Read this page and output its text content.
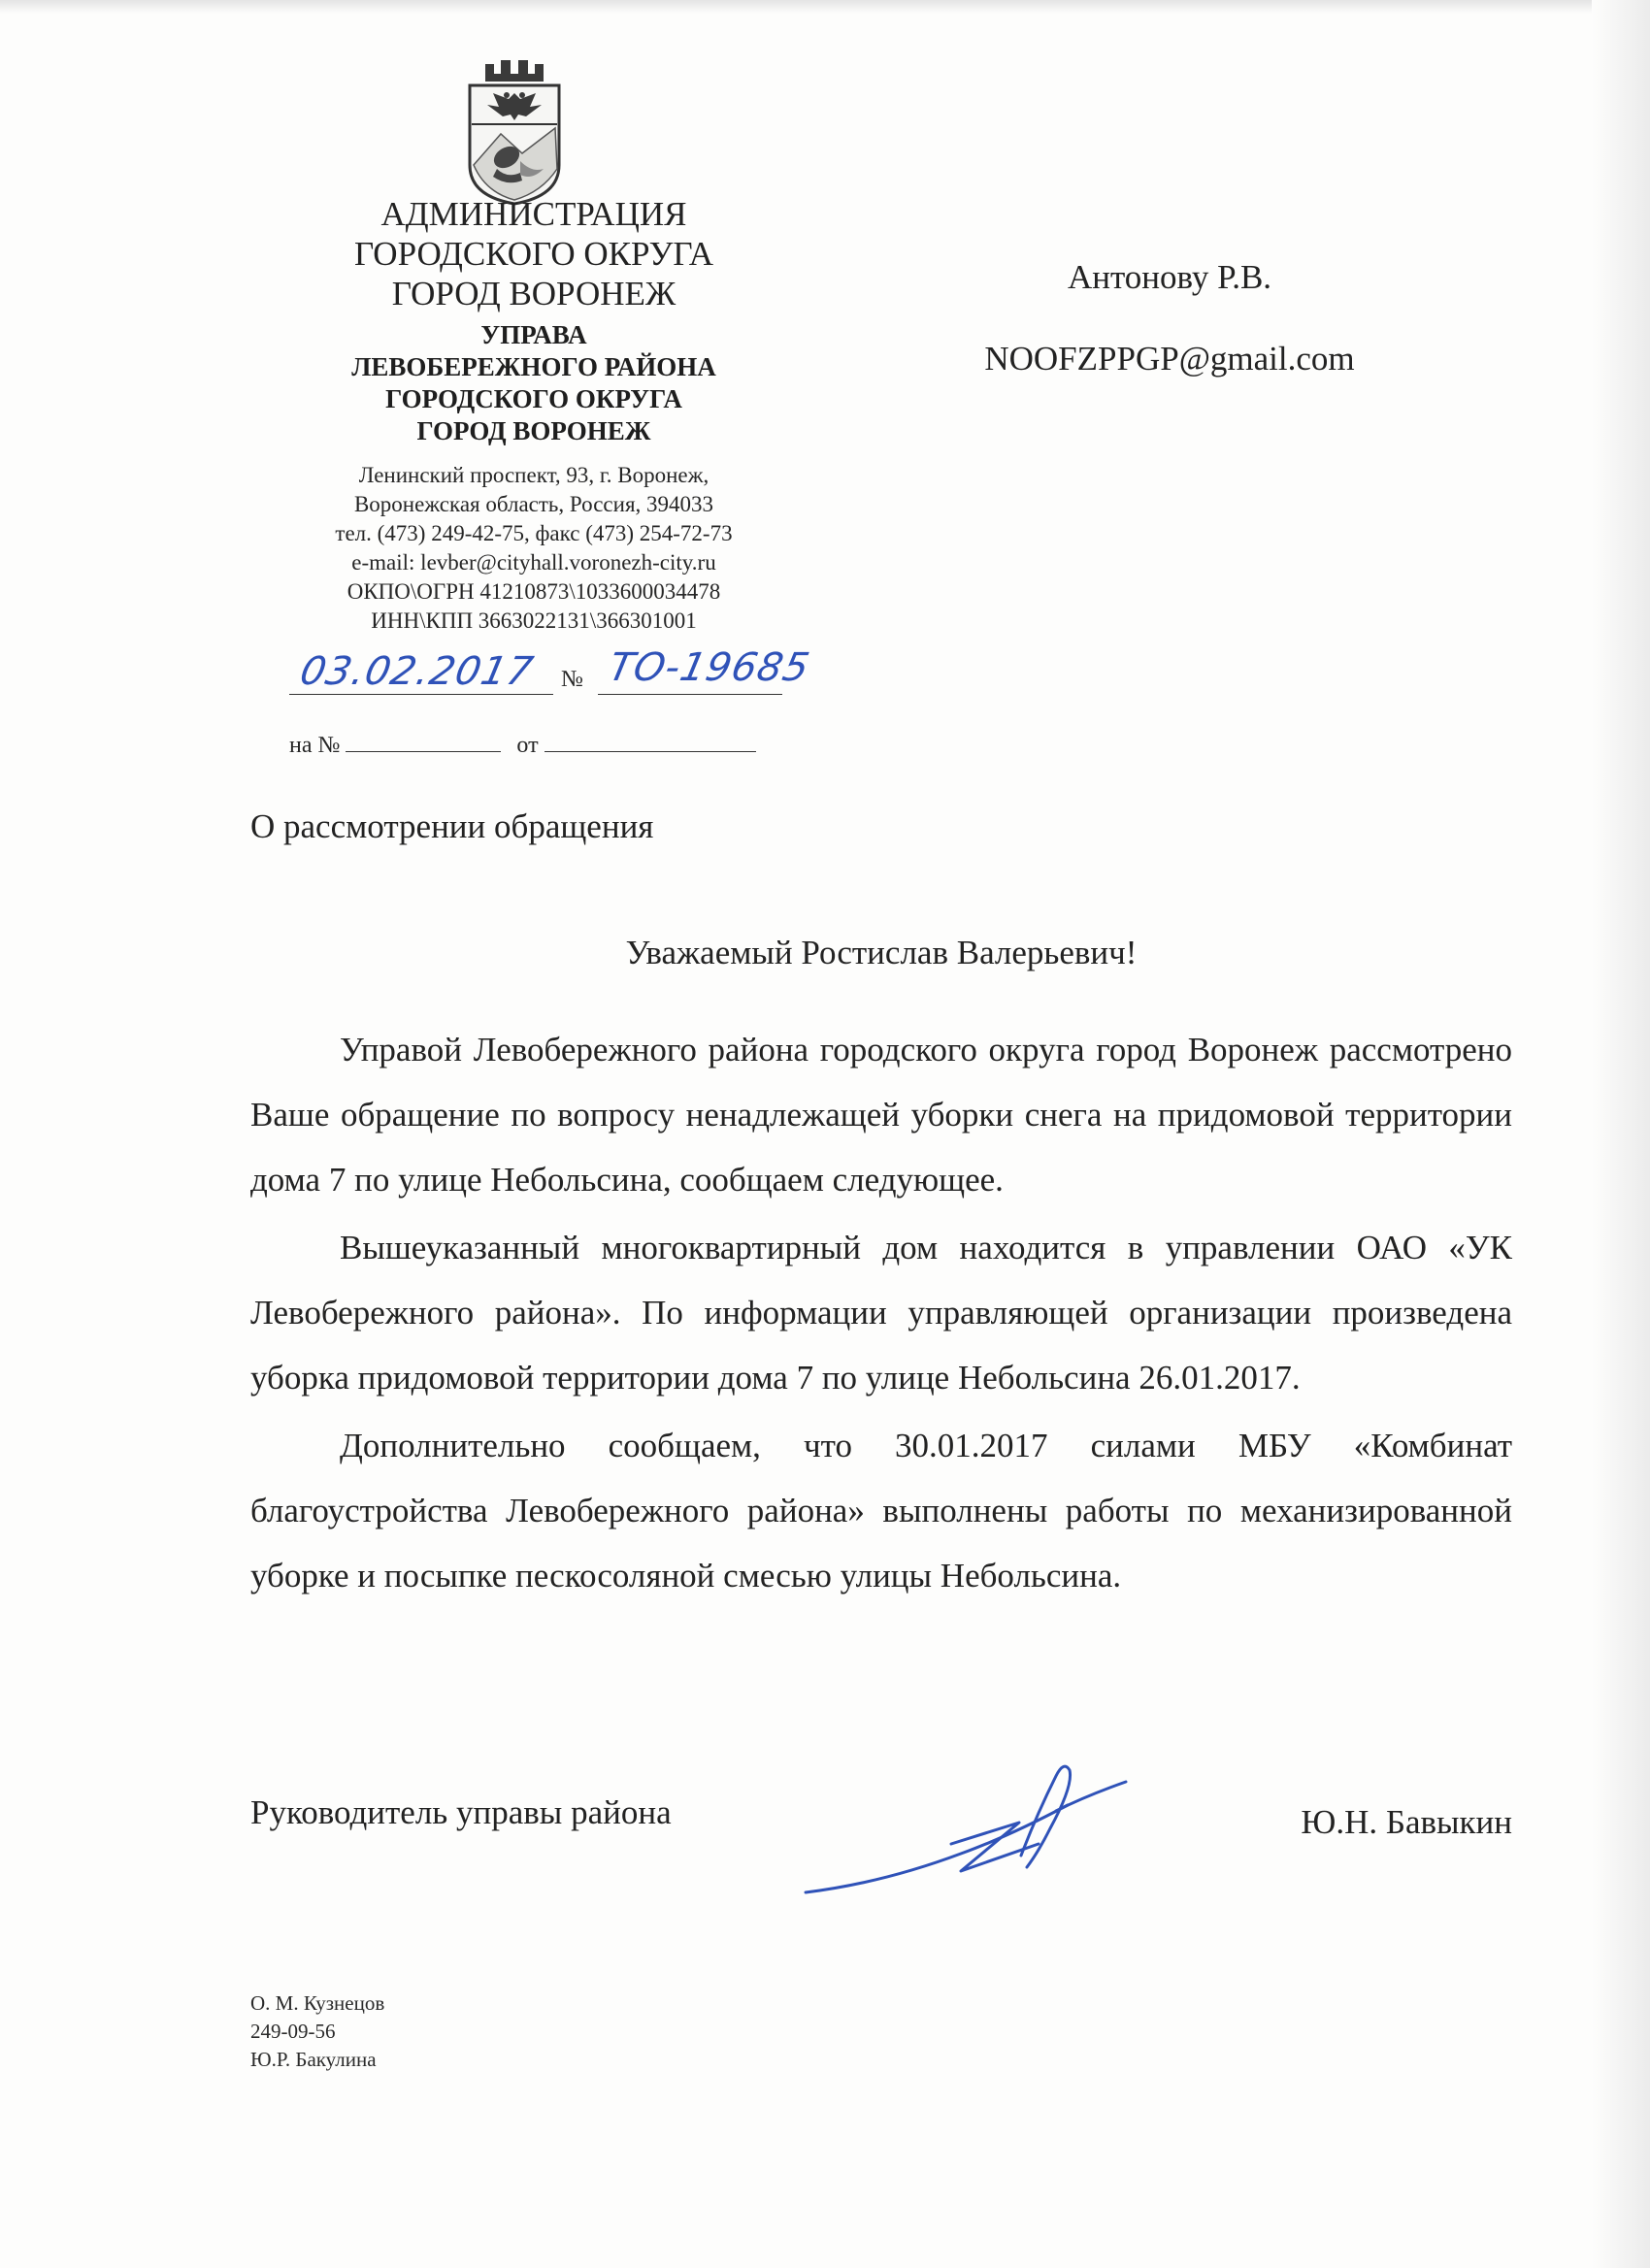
АДМИНИСТРАЦИЯ

ГОРОДСКОГО ОКРУГА

ГОРОД ВОРОНЕЖ

УПРАВА

ЛЕВОБЕРЕЖНОГО РАЙОНА

ГОРОДСКОГО ОКРУГА

ГОРОД ВОРОНЕЖ

Ленинский проспект, 93, г. Воронеж,

Воронежская область, Россия, 394033

тел. (473) 249-42-75, факс (473) 254-72-73

e-mail: levber@cityhall.voronezh-city.ru

ОКПО\ОГРН 41210873\1033600034478

ИНН\КПП 3663022131\366301001

03.02.2017 № ТО-19685
на №	от

Антонову Р.В.

NOOFZPPGP@gmail.com

О рассмотрении обращения

Уважаемый Ростислав Валерьевич!

Управой Левобережного района городского округа город Воронеж рассмотрено Ваше обращение по вопросу ненадлежащей уборки снега на придомовой территории дома 7 по улице Небольсина, сообщаем следующее.

Вышеуказанный многоквартирный дом находится в управлении ОАО «УК Левобережного района». По информации управляющей организации произведена уборка придомовой территории дома 7 по улице Небольсина 26.01.2017.

Дополнительно сообщаем, что 30.01.2017 силами МБУ «Комбинат благоустройства Левобережного района» выполнены работы по механизированной уборке и посыпке пескосоляной смесью улицы Небольсина.

Руководитель управы района	Ю.Н. Бавыкин

О. М. Кузнецов

249-09-56

Ю.Р. Бакулина
